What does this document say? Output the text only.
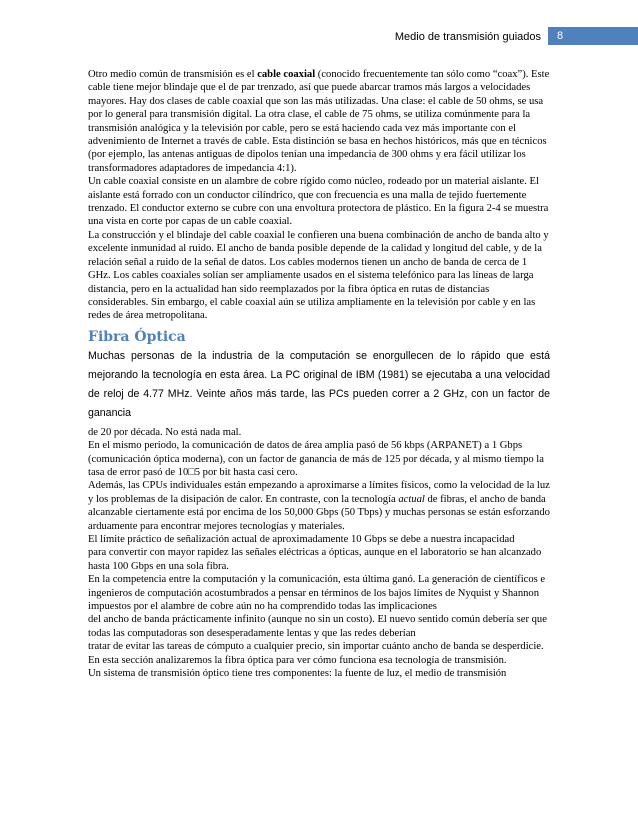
Medio de transmisión guiados 8

Otro medio común de transmisión es el cable coaxial (conocido frecuentemente tan sólo como “coax”). Este cable tiene mejor blindaje que el de par trenzado, así que puede abarcar tramos más largos a velocidades mayores. Hay dos clases de cable coaxial que son las más utilizadas. Una clase: el cable de 50 ohms, se usa por lo general para transmisión digital. La otra clase, el cable de 75 ohms, se utiliza comúnmente para la transmisión analógica y la televisión por cable, pero se está haciendo cada vez más importante con el advenimiento de Internet a través de cable. Esta distinción se basa en hechos históricos, más que en técnicos (por ejemplo, las antenas antiguas de dipolos tenían una impedancia de 300 ohms y era fácil utilizar los transformadores adaptadores de impedancia 4:1).

Un cable coaxial consiste en un alambre de cobre rígido como núcleo, rodeado por un material aislante. El aislante está forrado con un conductor cilíndrico, que con frecuencia es una malla de tejido fuertemente trenzado. El conductor externo se cubre con una envoltura protectora de plástico. En la figura 2-4 se muestra una vista en corte por capas de un cable coaxial.

La construcción y el blindaje del cable coaxial le confieren una buena combinación de ancho de banda alto y excelente inmunidad al ruido. El ancho de banda posible depende de la calidad y longitud del cable, y de la relación señal a ruido de la señal de datos. Los cables modernos tienen un ancho de banda de cerca de 1 GHz. Los cables coaxiales solían ser ampliamente usados en el sistema telefónico para las líneas de larga distancia, pero en la actualidad han sido reemplazados por la fibra óptica en rutas de distancias considerables. Sin embargo, el cable coaxial aún se utiliza ampliamente en la televisión por cable y en las redes de área metropolitana.

Fibra Óptica

Muchas personas de la industria de la computación se enorgullecen de lo rápido que está mejorando la tecnología en esta área. La PC original de IBM (1981) se ejecutaba a una velocidad de reloj de 4.77 MHz. Veinte años más tarde, las PCs pueden correr a 2 GHz, con un factor de ganancia

de 20 por década. No está nada mal.

En el mismo periodo, la comunicación de datos de área amplia pasó de 56 kbps (ARPANET) a 1 Gbps (comunicación óptica moderna), con un factor de ganancia de más de 125 por década, y al mismo tiempo la tasa de error pasó de 10□5 por bit hasta casi cero.

Además, las CPUs individuales están empezando a aproximarse a límites físicos, como la velocidad de la luz y los problemas de la disipación de calor. En contraste, con la tecnología actual de fibras, el ancho de banda alcanzable ciertamente está por encima de los 50,000 Gbps (50 Tbps) y muchas personas se están esforzando arduamente para encontrar mejores tecnologías y materiales.

El límite práctico de señalización actual de aproximadamente 10 Gbps se debe a nuestra incapacidad

para convertir con mayor rapidez las señales eléctricas a ópticas, aunque en el laboratorio se han alcanzado hasta 100 Gbps en una sola fibra.

En la competencia entre la computación y la comunicación, esta última ganó. La generación de científicos e ingenieros de computación acostumbrados a pensar en términos de los bajos límites de Nyquist y Shannon impuestos por el alambre de cobre aún no ha comprendido todas las implicaciones

del ancho de banda prácticamente infinito (aunque no sin un costo). El nuevo sentido común debería ser que todas las computadoras son desesperadamente lentas y que las redes deberían

tratar de evitar las tareas de cómputo a cualquier precio, sin importar cuánto ancho de banda se desperdicie. En esta sección analizaremos la fibra óptica para ver cómo funciona esa tecnología de transmisión.

Un sistema de transmisión óptico tiene tres componentes: la fuente de luz, el medio de transmisión
